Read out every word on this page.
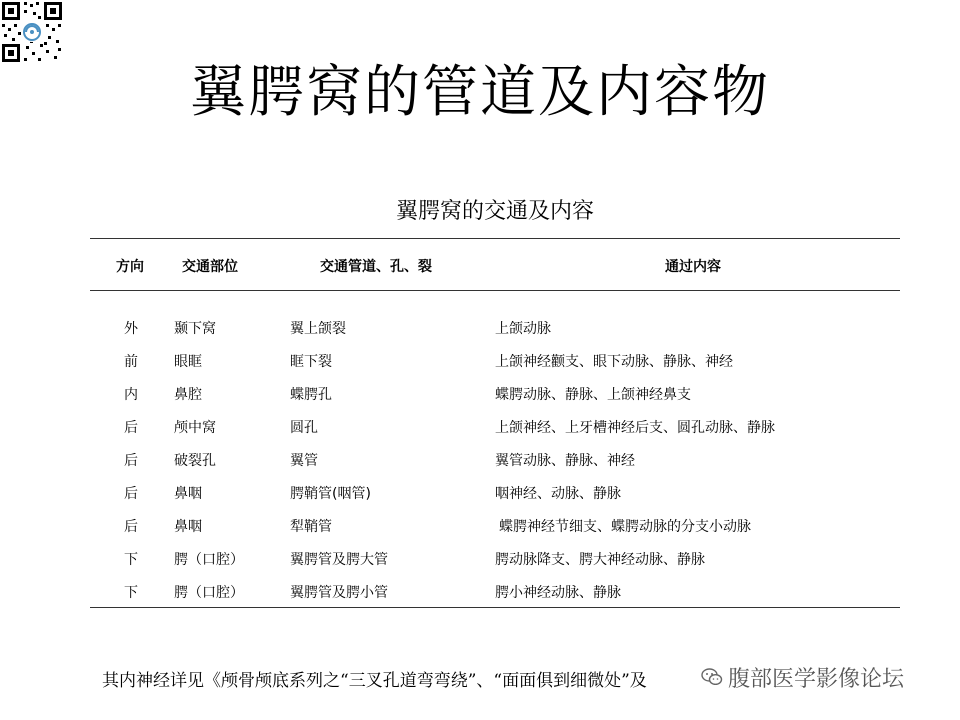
翼腭窝的管道及内容物
翼腭窝的交通及内容
方向	交通部位	交通管道、孔、裂	通过内容
外	颞下窝	翼上颌裂	上颌动脉
前	眼眶	眶下裂	上颌神经颧支、眼下动脉、静脉、神经
内	鼻腔	蝶腭孔	蝶腭动脉、静脉、上颌神经鼻支
后	颅中窝	圆孔	上颌神经、上牙槽神经后支、圆孔动脉、静脉
后	破裂孔	翼管	翼管动脉、静脉、神经
后	鼻咽	腭鞘管(咽管)	咽神经、动脉、静脉
后	鼻咽	犁鞘管	蝶腭神经节细支、蝶腭动脉的分支小动脉
下	腭（口腔）	翼腭管及腭大管	腭动脉降支、腭大神经动脉、静脉
下	腭（口腔）	翼腭管及腭小管	腭小神经动脉、静脉
其内神经详见《颅骨颅底系列之“三叉孔道弯弯绕”、“面面俱到细微处”及	腹部医学影像论坛
